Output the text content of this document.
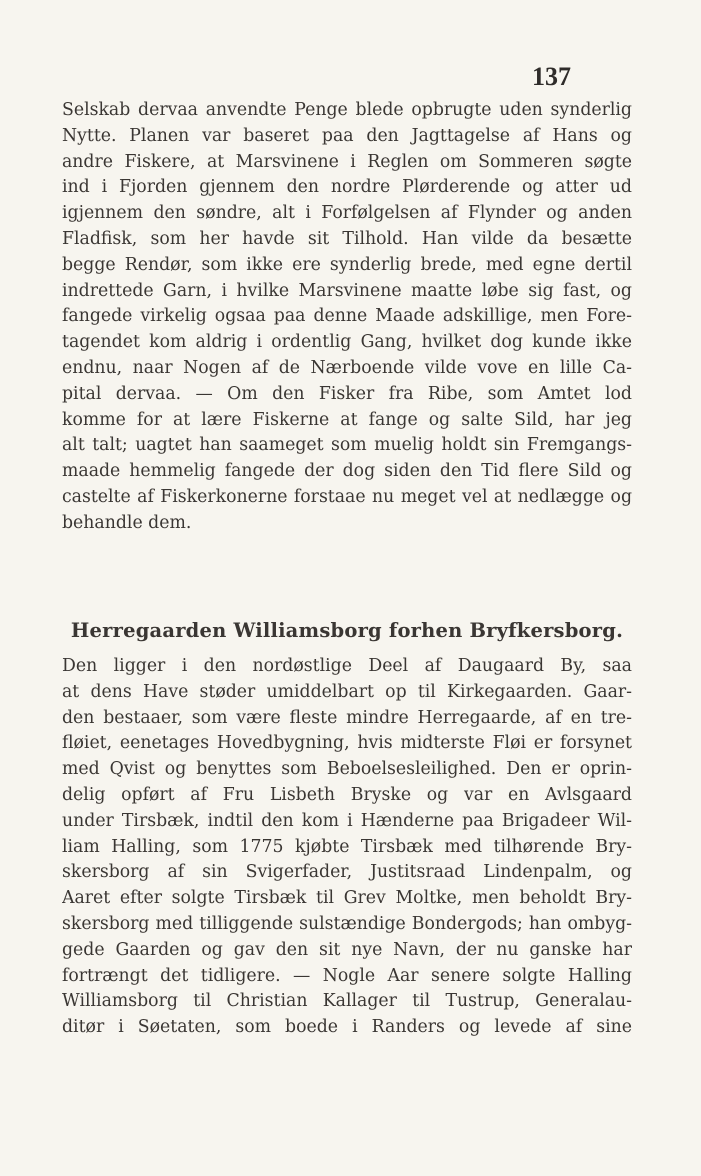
137
Selskab dervaa anvendte Penge blede opbrugte uden synderlig
Nytte. Planen var baseret paa den Jagttagelse af Hans og
andre Fiskere, at Marsvinene i Reglen om Sommeren søgte
ind i Fjorden gjennem den nordre Plørderende og atter ud
igjennem den søndre, alt i Forfølgelsen af Flynder og anden
Fladfisk, som her havde sit Tilhold. Han vilde da besætte
begge Rendør, som ikke ere synderlig brede, med egne dertil
indrettede Garn, i hvilke Marsvinene maatte løbe sig fast, og
fangede virkelig ogsaa paa denne Maade adskillige, men Fore-
tagendet kom aldrig i ordentlig Gang, hvilket dog kunde ikke
endnu, naar Nogen af de Nærboende vilde vove en lille Ca-
pital dervaa. — Om den Fisker fra Ribe, som Amtet lod
komme for at lære Fiskerne at fange og salte Sild, har jeg
alt talt; uagtet han saameget som muelig holdt sin Fremgangs-
maade hemmelig fangede der dog siden den Tid flere Sild og
castelte af Fiskerkonerne forstaae nu meget vel at nedlægge og
behandle dem.
Herregaarden Williamsborg forhen Bryfkersborg.
Den ligger i den nordøstlige Deel af Daugaard By, saa
at dens Have støder umiddelbart op til Kirkegaarden. Gaar-
den bestaaer, som være fleste mindre Herregaarde, af en tre-
fløiet, eenetages Hovedbygning, hvis midterste Fløi er forsynet
med Qvist og benyttes som Beboelsesleilighed. Den er oprin-
delig opført af Fru Lisbeth Bryske og var en Avlsgaard
under Tirsbæk, indtil den kom i Hænderne paa Brigadeer Wil-
liam Halling, som 1775 kjøbte Tirsbæk med tilhørende Bry-
skersborg af sin Svigerfader, Justitsraad Lindenpalm, og
Aaret efter solgte Tirsbæk til Grev Moltke, men beholdt Bry-
skersborg med tilliggende sulstændige Bondergods; han ombyg-
gede Gaarden og gav den sit nye Navn, der nu ganske har
fortrængt det tidligere. — Nogle Aar senere solgte Halling
Williamsborg til Christian Kallager til Tustrup, Generalau-
ditør i Søetaten, som boede i Randers og levede af sine
